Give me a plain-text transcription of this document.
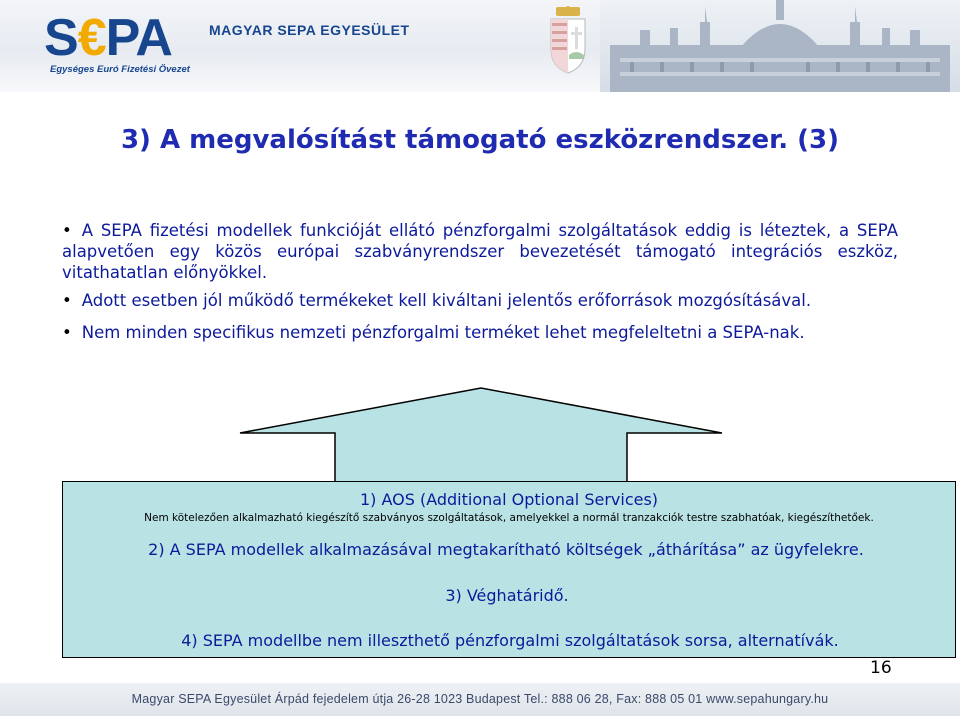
S€PA
Egységes Euró Fizetési Övezet
MAGYAR SEPA EGYESÜLET
3) A megvalósítást támogató eszközrendszer. (3)

• A SEPA fizetési modellek funkcióját ellátó pénzforgalmi szolgáltatások eddig is léteztek, a SEPA alapvetően egy közös európai szabványrendszer bevezetését támogató integrációs eszköz, vitathatatlan előnyökkel.

• Adott esetben jól működő termékeket kell kiváltani jelentős erőforrások mozgósításával.

• Nem minden specifikus nemzeti pénzforgalmi terméket lehet megfeleltetni a SEPA-nak.

1) AOS (Additional Optional Services)

Nem kötelezően alkalmazható kiegészítő szabványos szolgáltatások, amelyekkel a normál tranzakciók testre szabhatóak, kiegészíthetőek.

2) A SEPA modellek alkalmazásával megtakarítható költségek „áthárítása” az ügyfelekre.

3) Véghatáridő.

4) SEPA modellbe nem illeszthető pénzforgalmi szolgáltatások sorsa, alternatívák.

16
Magyar SEPA Egyesület Árpád fejedelem útja 26-28 1023 Budapest Tel.: 888 06 28, Fax: 888 05 01 www.sepahungary.hu
